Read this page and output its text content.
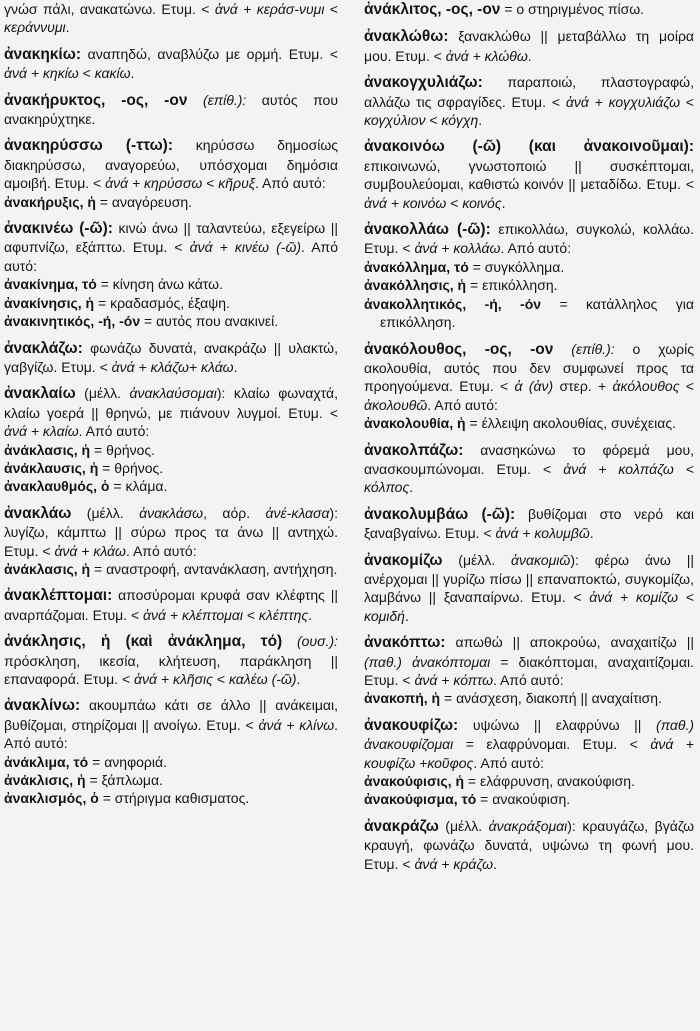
γνώσ πάλι, ανακατώνω. Ετυμ. < ἀνά + κεράσ-νυμι < κεράννυμι.

ἀνακηκίω: αναπηδώ, αναβλύζω με ορμή. Ετυμ. < ἀνά + κηκίω < κακίω.

ἀνακήρυκτος, -ος, -ον (επίθ.): αυτός που ανακηρύχτηκε.

ἀνακηρύσσω (-ττω): κηρύσσω δημοσίως διακηρύσσω, αναγορεύω, υπόσχομαι δημόσια αμοιβή. Ετυμ. < ἀνά + κηρύσσω < κῆρυξ. Από αυτό:

ἀνακήρυξις, ἡ = αναγόρευση.

ἀνακινέω (-ῶ): κινώ άνω || ταλαντεύω, εξεγείρω || αφυπνίζω, εξάπτω. Ετυμ. < ἀνά + κινέω (-ῶ). Από αυτό:

ἀνακίνημα, τό = κίνηση άνω κάτω.

ἀνακίνησις, ἡ = κραδασμός, έξαψη.

ἀνακινητικός, -ή, -όν = αυτός που ανακινεί.

ἀνακλάζω: φωνάζω δυνατά, ανακράζω || υλακτώ, γαβγίζω. Ετυμ. < ἀνά + κλάζω+ κλάω.

ἀνακλαίω (μέλλ. ἀνακλαύσομαι): κλαίω φωναχτά, κλαίω γοερά || θρηνώ, με πιάνουν λυγμοί. Ετυμ. < ἀνά + κλαίω. Από αυτό:

ἀνάκλασις, ἡ = θρήνος.

ἀνάκλαυσις, ἡ = θρήνος.

ἀνακλαυθμός, ὁ = κλάμα.

ἀνακλάω (μέλλ. ἀνακλάσω, αόρ. ἀνέ-κλασα): λυγίζω, κάμπτω || σύρω προς τα άνω || αντηχώ. Ετυμ. < ἀνά + κλάω. Από αυτό:

ἀνάκλασις, ἡ = αναστροφή, αντανάκλαση, αντήχηση.

ἀνακλέπτομαι: αποσύρομαι κρυφά σαν κλέφτης || αναρπάζομαι. Ετυμ. < ἀνά + κλέπτομαι < κλέπτης.

ἀνάκλησις, ἡ (καὶ ἀνάκλημα, τό) (ουσ.): πρόσκληση, ικεσία, κλήτευση, παράκληση || επαναφορά. Ετυμ. < ἀνά + κλῆσις < καλέω (-ῶ).

ἀνακλίνω: ακουμπάω κάτι σε άλλο || ανάκειμαι, βυθίζομαι, στηρίζομαι || ανοίγω. Ετυμ. < ἀνά + κλίνω. Από αυτό:

ἀνάκλιμα, τό = ανηφοριά.

ἀνάκλισις, ἡ = ξάπλωμα.

ἀνακλισμός, ὁ = στήριγμα καθισματος.

ἀνάκλιτος, -ος, -ον = ο στηριγμένος πίσω.

ἀνακλώθω: ξανακλώθω || μεταβάλλω τη μοίρα μου. Ετυμ. < ἀνά + κλώθω.

ἀνακογχυλιάζω: παραποιώ, πλαστογραφώ, αλλάζω τις σφραγίδες. Ετυμ. < ἀνά + κογχυλιάζω < κογχύλιον < κόγχη.

ἀνακοινόω (-ῶ) (και ἀνακοινοῦμαι): επικοινωνώ, γνωστοποιώ || συσκέπτομαι, συμβουλεύομαι, καθιστώ κοινόν || μεταδίδω. Ετυμ. < ἀνά + κοινόω < κοινός.

ἀνακολλάω (-ῶ): επικολλάω, συγκολώ, κολλάω. Ετυμ. < ἀνά + κολλάω. Από αυτό:

ἀνακόλλημα, τό = συγκόλλημα.

ἀνακόλλησις, ἡ = επικόλληση.

ἀνακολλητικός, -ή, -όν = κατάλληλος για επικόλληση.

ἀνακόλουθος, -ος, -ον (επίθ.): ο χωρίς ακολουθία, αυτός που δεν συμφωνεί προς τα προηγούμενα. Ετυμ. < ἀ (ἀν) στερ. + ἀκόλουθος < ἀκολουθῶ. Από αυτό:

ἀνακολουθία, ἡ = έλλειψη ακολουθίας, συνέχειας.

ἀνακολπάζω: ανασηκώνω το φόρεμά μου, ανασκουμπώνομαι. Ετυμ. < ἀνά + κολπάζω < κόλπος.

ἀνακολυμβάω (-ῶ): βυθίζομαι στο νερό και ξαναβγαίνω. Ετυμ. < ἀνά + κολυμβῶ.

ἀνακομίζω (μέλλ. ἀνακομιῶ): φέρω άνω || ανέρχομαι || γυρίζω πίσω || επαναποκτώ, συγκομίζω, λαμβάνω || ξαναπαίρνω. Ετυμ. < ἀνά + κομίζω < κομιδή.

ἀνακόπτω: απωθώ || αποκρούω, αναχαιτίζω || (παθ.) ἀνακόπτομαι = διακόπτομαι, αναχαιτίζομαι. Ετυμ. < ἀνά + κόπτω. Από αυτό:

ἀνακοπή, ἡ = ανάσχεση, διακοπή || αναχαίτιση.

ἀνακουφίζω: υψώνω || ελαφρύνω || (παθ.) ἀνακουφίζομαι = ελαφρύνομαι. Ετυμ. < ἀνά + κουφίζω +κοῦφος. Από αυτό:

ἀνακούφισις, ἡ = ελάφρυνση, ανακούφιση.

ἀνακούφισμα, τό = ανακούφιση.

ἀνακράζω (μέλλ. ἀνακράξομαι): κραυγάζω, βγάζω κραυγή, φωνάζω δυνατά, υψώνω τη φωνή μου. Ετυμ. < ἀνά + κράζω.
